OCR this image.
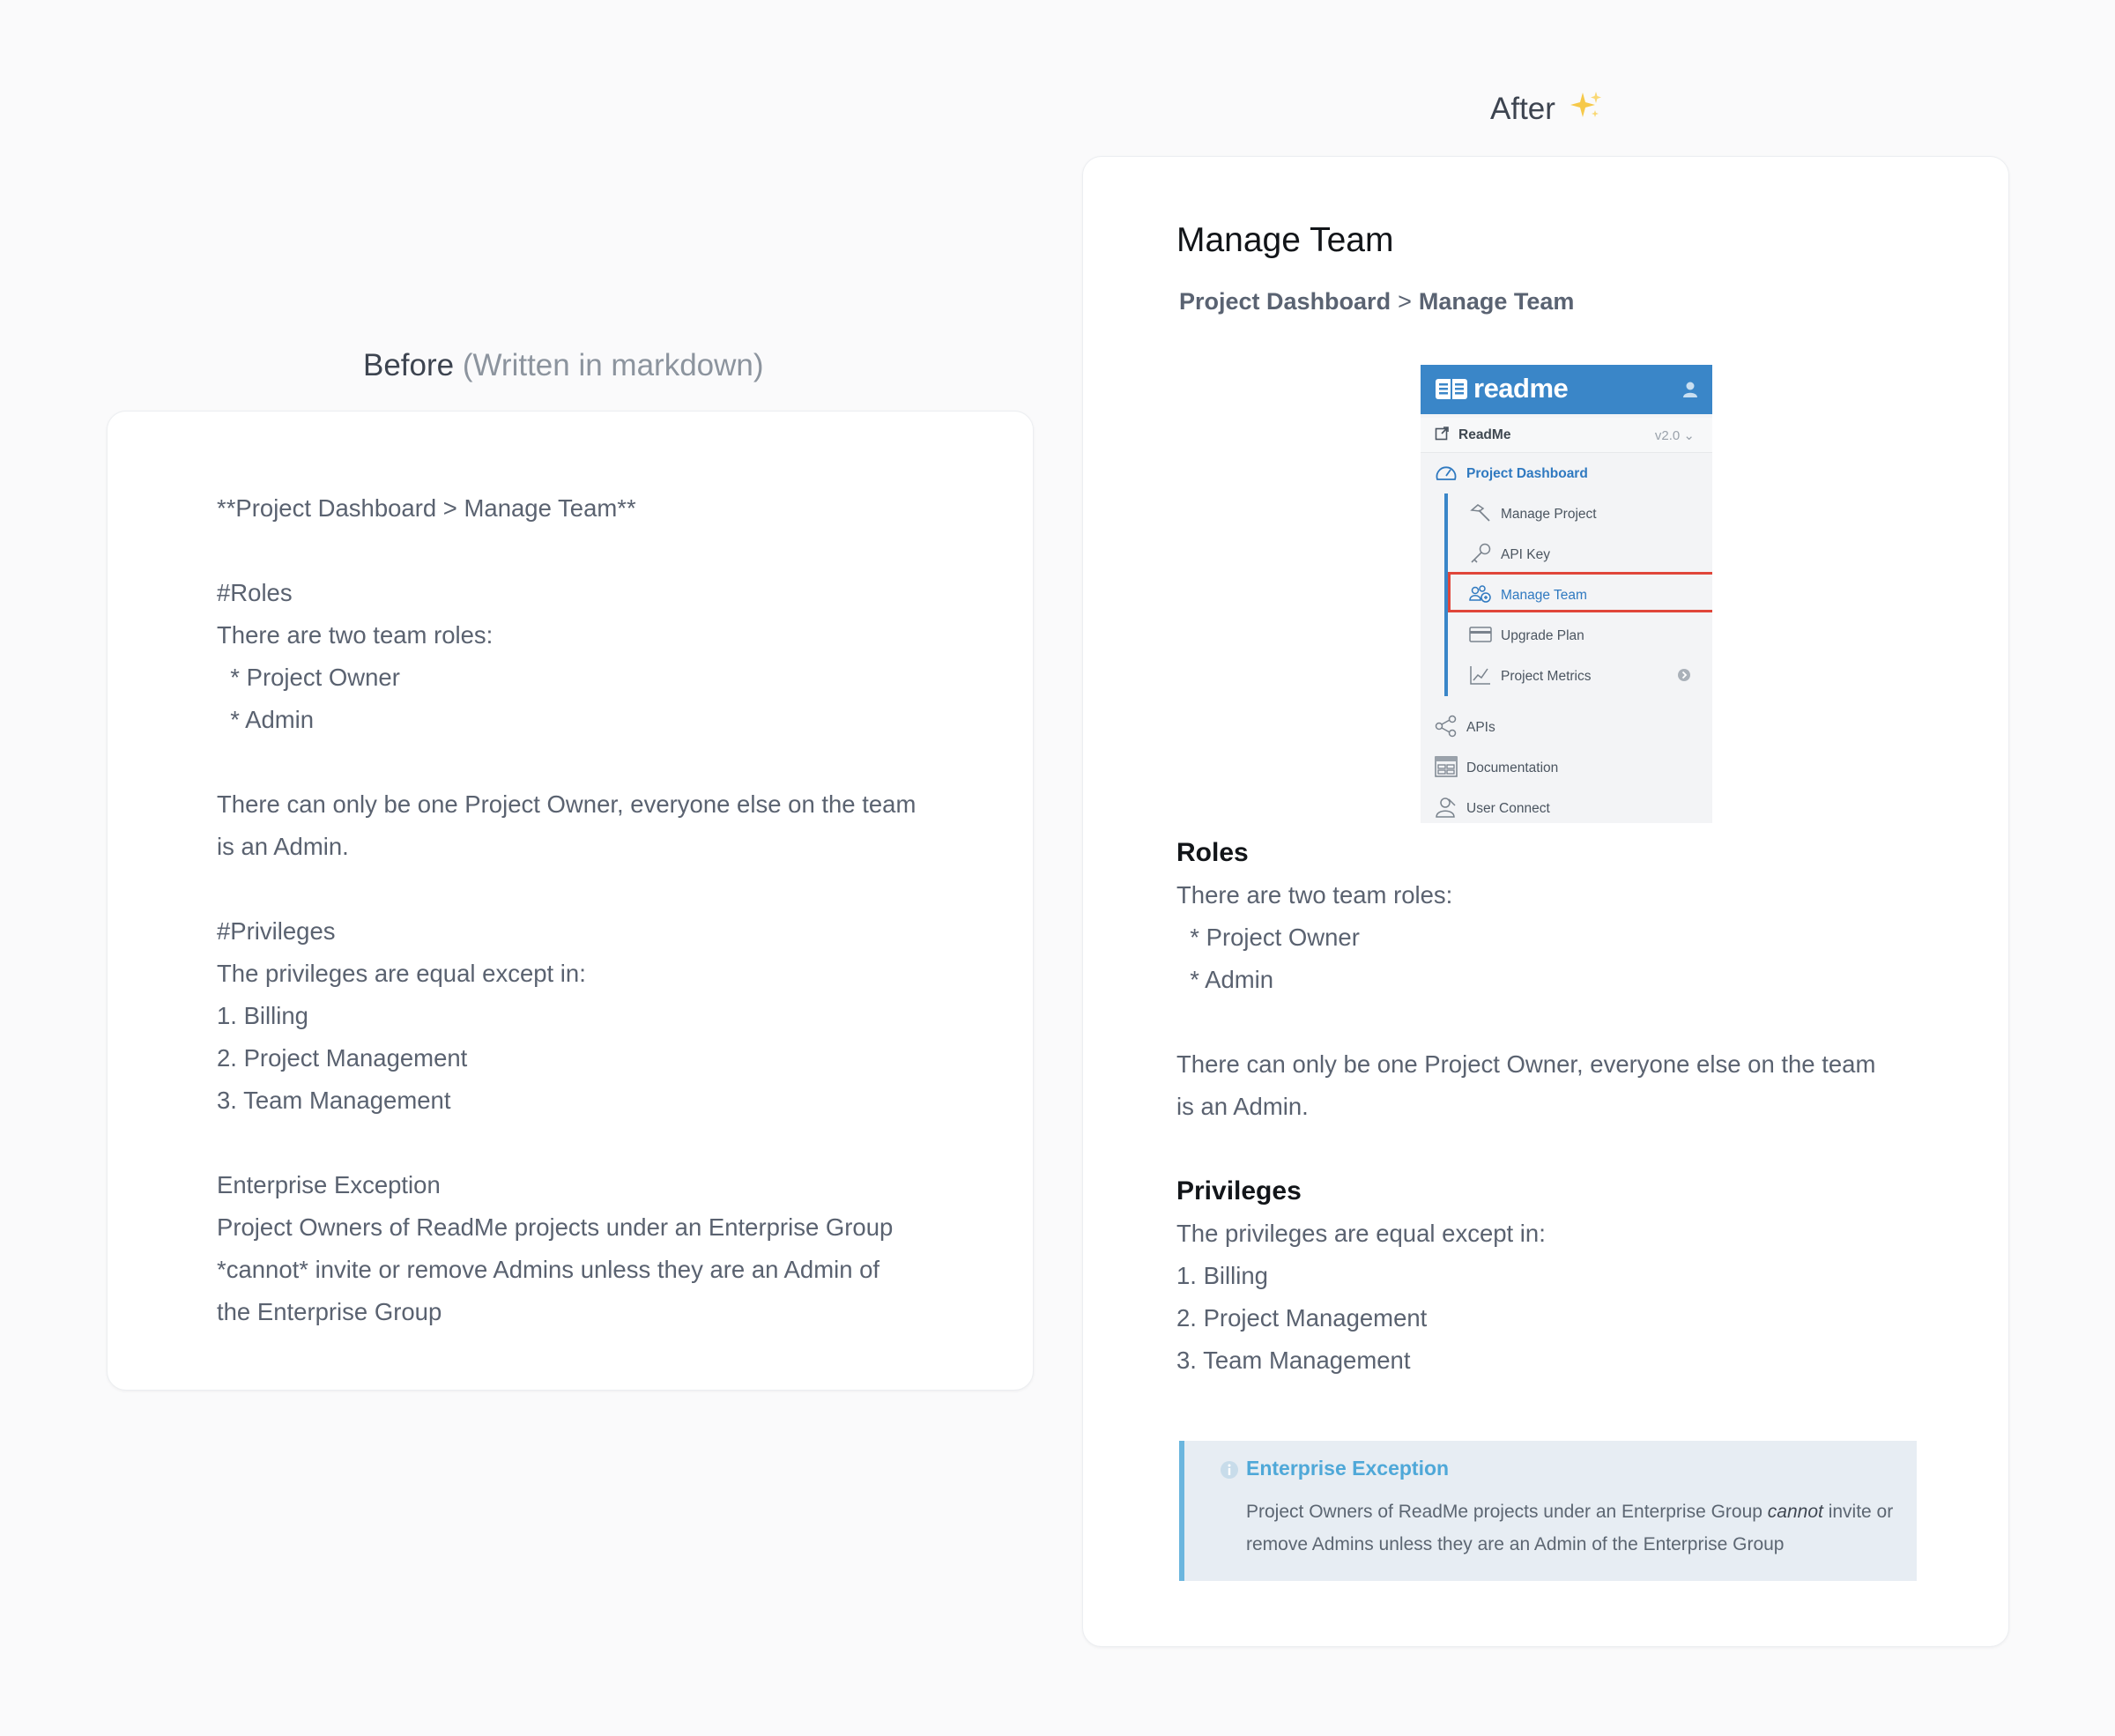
Before (Written in markdown)
**Project Dashboard > Manage Team**
#Roles
There are two team roles:
* Project Owner
* Admin
There can only be one Project Owner, everyone else on the team
is an Admin.
#Privileges
The privileges are equal except in:
1. Billing
2. Project Management
3. Team Management
Enterprise Exception
Project Owners of ReadMe projects under an Enterprise Group
*cannot* invite or remove Admins unless they are an Admin of
the Enterprise Group
After
Manage Team
Project Dashboard > Manage Team
readme
ReadMe	v2.0 ⌄
Project Dashboard
Manage Project
API Key
Manage Team
Upgrade Plan
Project Metrics
APIs
Documentation
User Connect
Roles
There are two team roles:
* Project Owner
* Admin
There can only be one Project Owner, everyone else on the team
is an Admin.
Privileges
The privileges are equal except in:
1. Billing
2. Project Management
3. Team Management
Enterprise Exception
Project Owners of ReadMe projects under an Enterprise Group cannot invite or remove Admins unless they are an Admin of the Enterprise Group
